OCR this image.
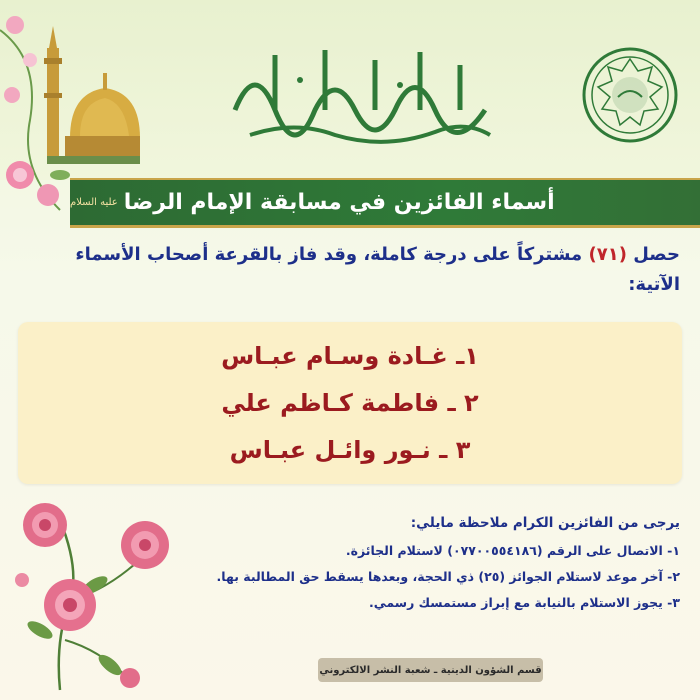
أسماء الفائزين في مسابقة الإمام الرضا
عليه السلام
حصل (٧١) مشتركاً على درجة كاملة، وقد فاز بالقرعة أصحاب الأسماء الآتية:
١ـ غـادة وسـام عبـاس
٢ ـ فاطمة كـاظم علي
٣ ـ نـور وائـل عبـاس
يرجى من الفائزين الكرام ملاحظة مايلي:
١- الاتصال على الرقم (٠٧٧٠٠٥٥٤١٨٦) لاستلام الجائزة.
٢- آخر موعد لاستلام الجوائز (٢٥) ذي الحجة، وبعدها يسقط حق المطالبة بها.
٣- يجوز الاستلام بالنيابة مع إبراز مستمسك رسمي.
قسم الشؤون الدينية ـ شعبة النشر الالكتروني
